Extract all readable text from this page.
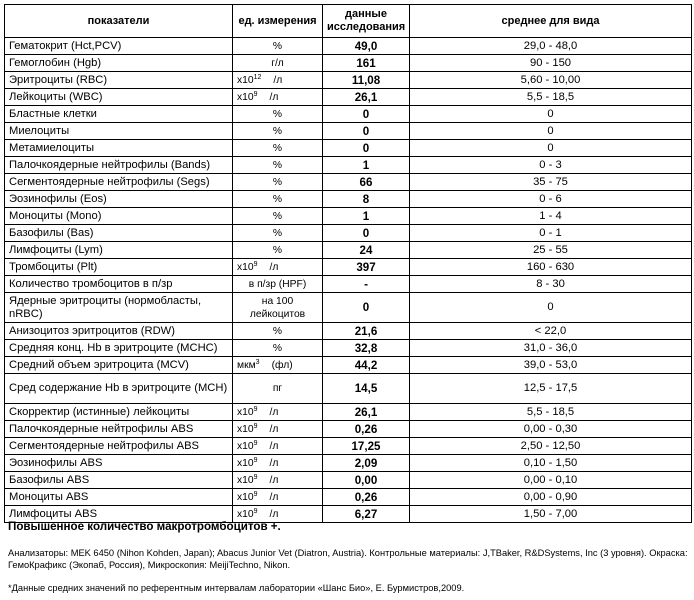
показатели	ед. измерения	данные исследования	среднее для вида
Гематокрит (Hct,PCV)	%	49,0	29,0 - 48,0
Гемоглобин (Hgb)	г/л	161	90 - 150
Эритроциты (RBC)	$x10^{12}$ /л	11,08	5,60 - 10,00
Лейкоциты (WBC)	$x10^9$ /л	26,1	5,5 - 18,5
Бластные клетки	%	0	0
Миелоциты	%	0	0
Метамиелоциты	%	0	0
Палочкоядерные нейтрофилы (Bands)	%	1	0 - 3
Сегментоядерные нейтрофилы (Segs)	%	66	35 - 75
Эозинофилы (Eos)	%	8	0 - 6
Моноциты (Mono)	%	1	1 - 4
Базофилы (Bas)	%	0	0 - 1
Лимфоциты (Lym)	%	24	25 - 55
Тромбоциты (Plt)	$x10^9$ /л	397	160 - 630
Количество тромбоцитов в п/зр	в п/зр (HPF)	-	8 - 30
Ядерные эритроциты (нормобласты, nRBC)	на 100 лейкоцитов	0	0
Анизоцитоз эритроцитов (RDW)	%	21,6	< 22,0
Средняя конц. Hb в эритроците (MCHC)	%	32,8	31,0 - 36,0
Средний объем эритроцита (MCV)	мкм$^3$ (фл)	44,2	39,0 - 53,0
Сред содержание Hb в эритроците (MCH)	пг	14,5	12,5 - 17,5
Скорректир (истинные) лейкоциты	$x10^9$ /л	26,1	5,5 - 18,5
Палочкоядерные нейтрофилы ABS	$x10^9$ /л	0,26	0,00 - 0,30
Сегментоядерные нейтрофилы ABS	$x10^9$ /л	17,25	2,50 - 12,50
Эозинофилы ABS	$x10^9$ /л	2,09	0,10 - 1,50
Базофилы ABS	$x10^9$ /л	0,00	0,00 - 0,10
Моноциты ABS	$x10^9$ /л	0,26	0,00 - 0,90
Лимфоциты ABS	$x10^9$ /л	6,27	1,50 - 7,00
Повышенное количество макротромбоцитов +.
Анализаторы: MEK 6450 (Nihon Kohden, Japan); Abacus Junior Vet (Diatron, Austria). Контрольные материалы: J,TBaker, R&DSystems, Inc (3 уровня). Окраска: ГемоКрафикс (Экопаб, Россия), Микроскопия: MeijiTechno, Nikon.
*Данные средних значений по референтным интервалам лаборатории «Шанс Био», Е. Бурмистров,2009.
